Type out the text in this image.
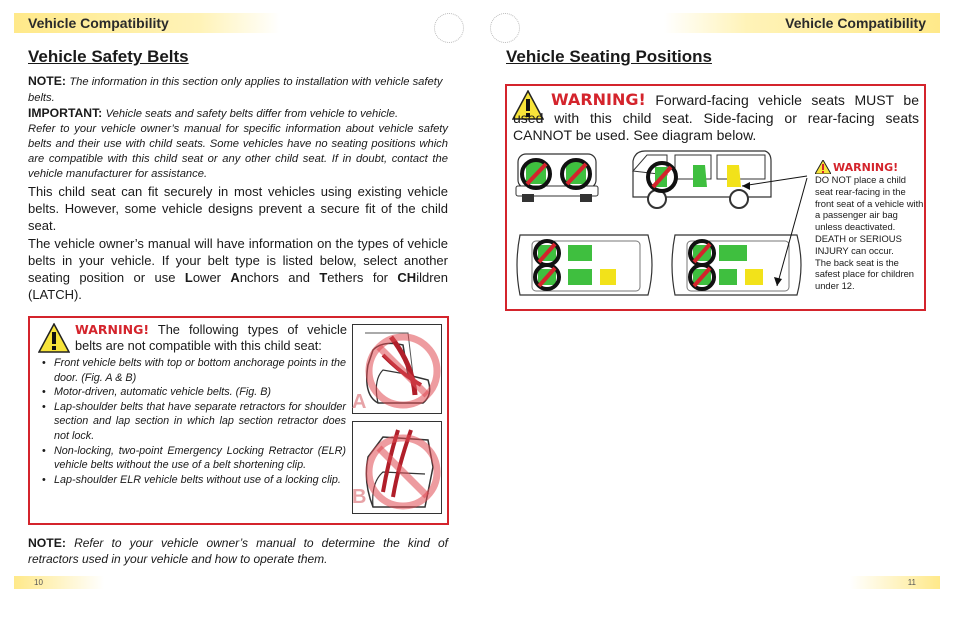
Vehicle Compatibility	Vehicle Compatibility
Vehicle Safety Belts

NOTE: The information in this section only applies to installation with vehicle safety belts.

IMPORTANT: Vehicle seats and safety belts differ from vehicle to vehicle.

Refer to your vehicle owner’s manual for specific information about vehicle safety belts and their use with child seats. Some vehicles have no seating positions which are compatible with this child seat or any other child seat. If in doubt, contact the vehicle manufacturer for assistance.

This child seat can fit securely in most vehicles using existing vehicle belts. However, some vehicle designs prevent a secure fit of the child seat.

The vehicle owner’s manual will have information on the types of vehicle belts in your vehicle. If your belt type is listed below, select another seating position or use Lower Anchors and Tethers for CHildren (LATCH).

WARNING! The following types of vehicle belts are not compatible with this child seat:
• Front vehicle belts with top or bottom anchorage points in the door. (Fig. A & B)
• Motor-driven, automatic vehicle belts. (Fig. B)
• Lap-shoulder belts that have separate retractors for shoulder section and lap section in which lap section retractor does not lock.
• Non-locking, two-point Emergency Locking Retractor (ELR) vehicle belts without the use of a belt shortening clip.
• Lap-shoulder ELR vehicle belts without use of a locking clip.
A
B

NOTE: Refer to your vehicle owner’s manual to determine the kind of retractors used in your vehicle and how to operate them.

Vehicle Seating Positions
WARNING! Forward-facing vehicle seats MUST be used with this child seat. Side-facing or rear-facing seats CANNOT be used. See diagram below.
WARNING!
DO NOT place a child seat rear-facing in the front seat of a vehicle with a passenger air bag unless deactivated. DEATH or SERIOUS INJURY can occur.
The back seat is the safest place for children under 12.
10	11
